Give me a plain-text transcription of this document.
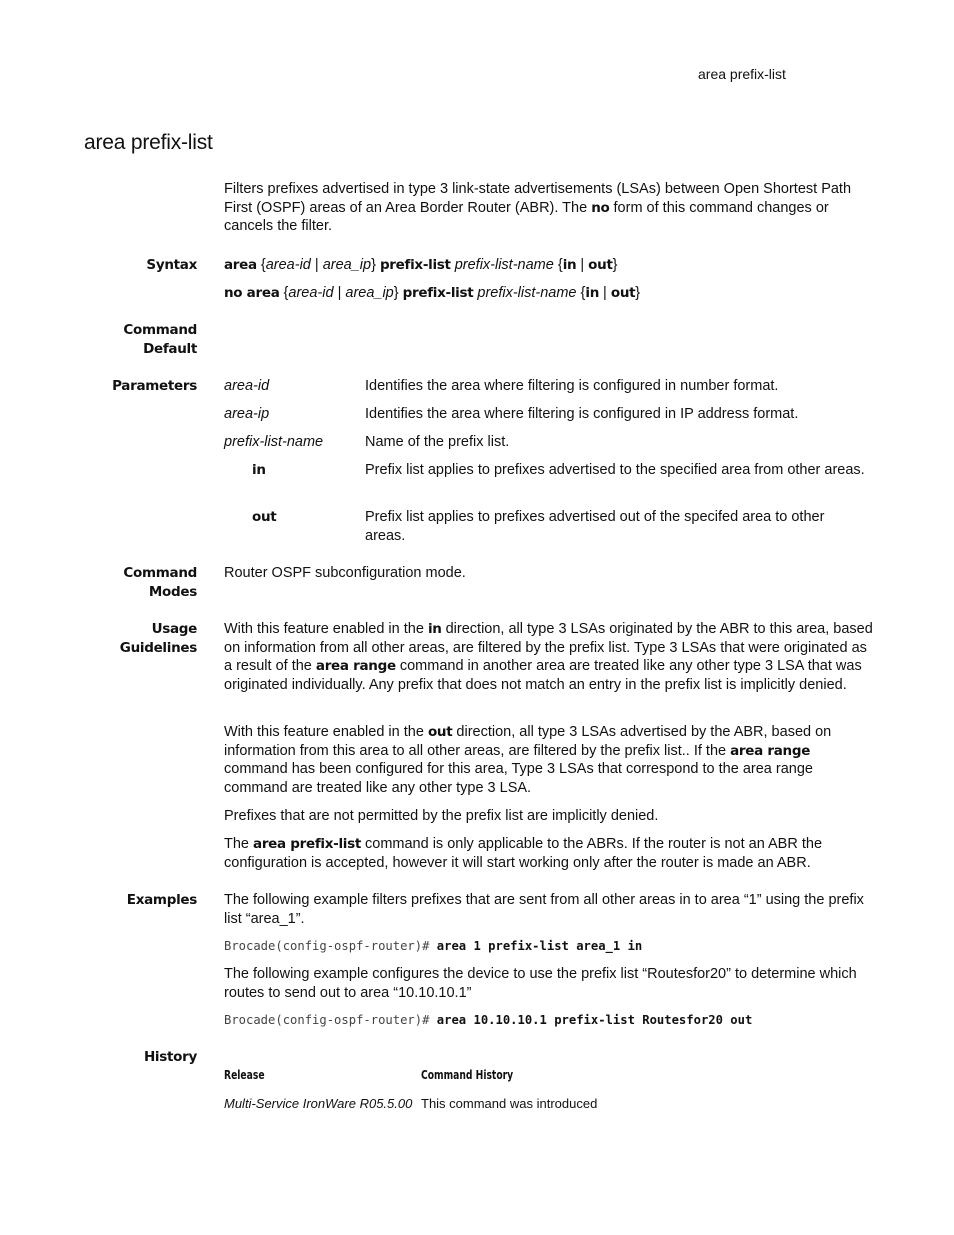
area prefix-list
area prefix-list

Filters prefixes advertised in type 3 link-state advertisements (LSAs) between Open Shortest Path First (OSPF) areas of an Area Border Router (ABR). The no form of this command changes or cancels the filter.

Syntax area {area-id | area_ip} prefix-list prefix-list-name {in | out}
no area {area-id | area_ip} prefix-list prefix-list-name {in | out}
Command
Default
Parameters area-id	Identifies the area where filtering is configured in number format.
area-ip	Identifies the area where filtering is configured in IP address format.
prefix-list-name	Name of the prefix list.
in	Prefix list applies to prefixes advertised to the specified area from other areas.
out	Prefix list applies to prefixes advertised out of the specifed area to other areas.
Command
Modes
Router OSPF subconfiguration mode.
Usage
Guidelines

With this feature enabled in the in direction, all type 3 LSAs originated by the ABR to this area, based on information from all other areas, are filtered by the prefix list. Type 3 LSAs that were originated as a result of the area range command in another area are treated like any other type 3 LSA that was originated individually. Any prefix that does not match an entry in the prefix list is implicitly denied.

With this feature enabled in the out direction, all type 3 LSAs advertised by the ABR, based on information from this area to all other areas, are filtered by the prefix list.. If the area range command has been configured for this area, Type 3 LSAs that correspond to the area range command are treated like any other type 3 LSA.

Prefixes that are not permitted by the prefix list are implicitly denied.

The area prefix-list command is only applicable to the ABRs. If the router is not an ABR the configuration is accepted, however it will start working only after the router is made an ABR.

Examples The following example filters prefixes that are sent from all other areas in to area “1” using the prefix list “area_1”.
Brocade(config-ospf-router)# area 1 prefix-list area_1 in
The following example configures the device to use the prefix list “Routesfor20” to determine which routes to send out to area “10.10.10.1”
Brocade(config-ospf-router)# area 10.10.10.1 prefix-list Routesfor20 out
History
Release	Command History
Multi-Service IronWare R05.5.00 This command was introduced
